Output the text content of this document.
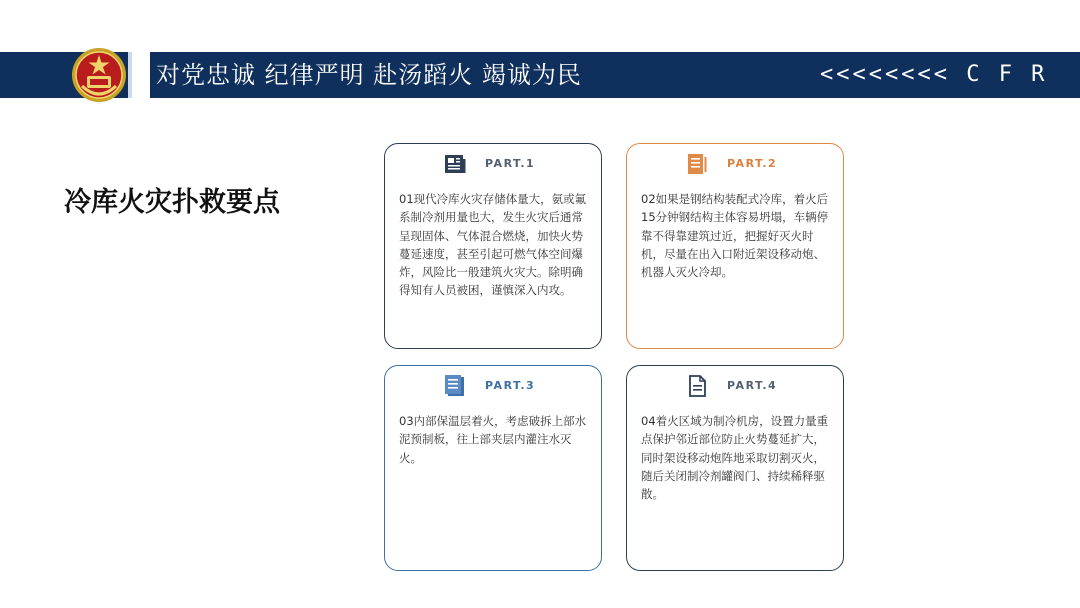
对党忠诚 纪律严明 赴汤蹈火 竭诚为民	<<<<<<<< C F R
冷库火灾扑救要点
PART.1
01现代冷库火灾存储体量大，氨或氟系制冷剂用量也大，发生火灾后通常呈现固体、气体混合燃烧，加快火势蔓延速度，甚至引起可燃气体空间爆炸，风险比一般建筑火灾大。除明确得知有人员被困，谨慎深入内攻。
PART.2
02如果是钢结构装配式冷库，着火后15分钟钢结构主体容易坍塌，车辆停靠不得靠建筑过近，把握好灭火时机，尽量在出入口附近架设移动炮、机器人灭火冷却。
PART.3
03内部保温层着火，考虑破拆上部水泥预制板，往上部夹层内灌注水灭火。
PART.4
04着火区域为制冷机房，设置力量重点保护邻近部位防止火势蔓延扩大，同时架设移动炮阵地采取切割灭火，随后关闭制冷剂罐阀门、持续稀释驱散。
